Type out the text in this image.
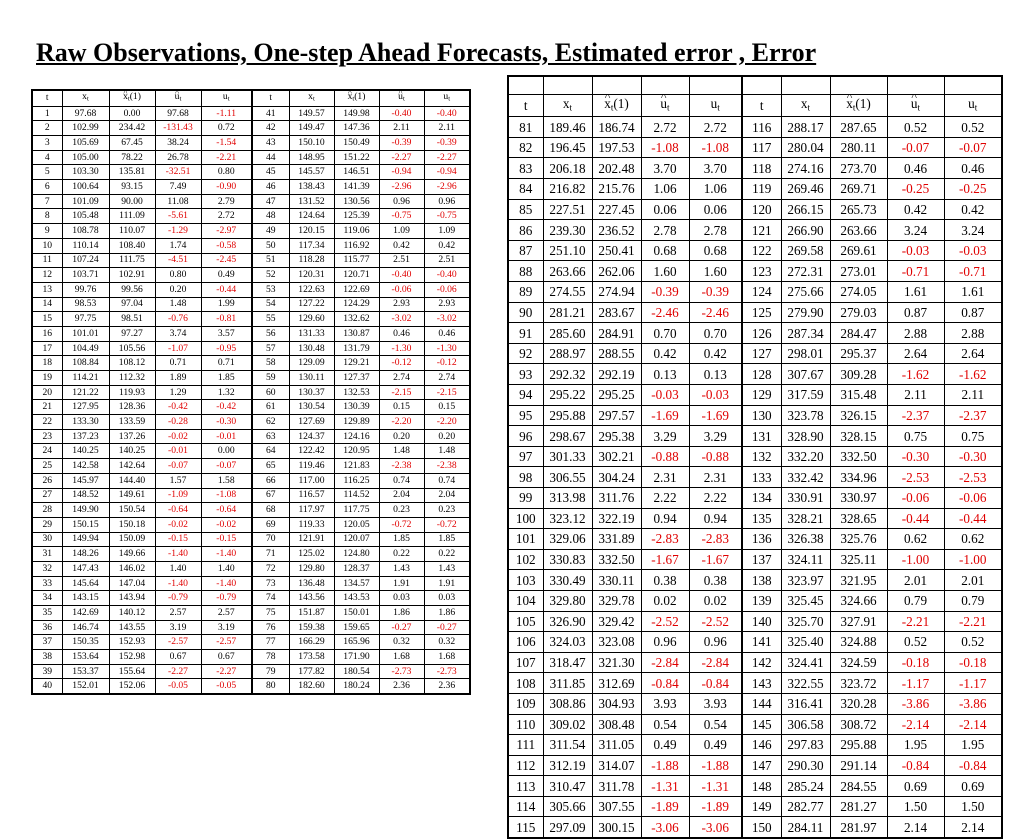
Raw Observations, One-step Ahead Forecasts, Estimated error , Error
t	$x_t$	^ $x_t(1)$	^ $u_t$	$u_t$	t	$x_t$	^ $x_t(1)$	^ $u_t$	$u_t$
1	97.68	0.00	97.68	-1.11	41	149.57	149.98	-0.40	-0.40
2	102.99	234.42	-131.43	0.72	42	149.47	147.36	2.11	2.11
3	105.69	67.45	38.24	-1.54	43	150.10	150.49	-0.39	-0.39
4	105.00	78.22	26.78	-2.21	44	148.95	151.22	-2.27	-2.27
5	103.30	135.81	-32.51	0.80	45	145.57	146.51	-0.94	-0.94
6	100.64	93.15	7.49	-0.90	46	138.43	141.39	-2.96	-2.96
7	101.09	90.00	11.08	2.79	47	131.52	130.56	0.96	0.96
8	105.48	111.09	-5.61	2.72	48	124.64	125.39	-0.75	-0.75
9	108.78	110.07	-1.29	-2.97	49	120.15	119.06	1.09	1.09
10	110.14	108.40	1.74	-0.58	50	117.34	116.92	0.42	0.42
11	107.24	111.75	-4.51	-2.45	51	118.28	115.77	2.51	2.51
12	103.71	102.91	0.80	0.49	52	120.31	120.71	-0.40	-0.40
13	99.76	99.56	0.20	-0.44	53	122.63	122.69	-0.06	-0.06
14	98.53	97.04	1.48	1.99	54	127.22	124.29	2.93	2.93
15	97.75	98.51	-0.76	-0.81	55	129.60	132.62	-3.02	-3.02
16	101.01	97.27	3.74	3.57	56	131.33	130.87	0.46	0.46
17	104.49	105.56	-1.07	-0.95	57	130.48	131.79	-1.30	-1.30
18	108.84	108.12	0.71	0.71	58	129.09	129.21	-0.12	-0.12
19	114.21	112.32	1.89	1.85	59	130.11	127.37	2.74	2.74
20	121.22	119.93	1.29	1.32	60	130.37	132.53	-2.15	-2.15
21	127.95	128.36	-0.42	-0.42	61	130.54	130.39	0.15	0.15
22	133.30	133.59	-0.28	-0.30	62	127.69	129.89	-2.20	-2.20
23	137.23	137.26	-0.02	-0.01	63	124.37	124.16	0.20	0.20
24	140.25	140.25	-0.01	0.00	64	122.42	120.95	1.48	1.48
25	142.58	142.64	-0.07	-0.07	65	119.46	121.83	-2.38	-2.38
26	145.97	144.40	1.57	1.58	66	117.00	116.25	0.74	0.74
27	148.52	149.61	-1.09	-1.08	67	116.57	114.52	2.04	2.04
28	149.90	150.54	-0.64	-0.64	68	117.97	117.75	0.23	0.23
29	150.15	150.18	-0.02	-0.02	69	119.33	120.05	-0.72	-0.72
30	149.94	150.09	-0.15	-0.15	70	121.91	120.07	1.85	1.85
31	148.26	149.66	-1.40	-1.40	71	125.02	124.80	0.22	0.22
32	147.43	146.02	1.40	1.40	72	129.80	128.37	1.43	1.43
33	145.64	147.04	-1.40	-1.40	73	136.48	134.57	1.91	1.91
34	143.15	143.94	-0.79	-0.79	74	143.56	143.53	0.03	0.03
35	142.69	140.12	2.57	2.57	75	151.87	150.01	1.86	1.86
36	146.74	143.55	3.19	3.19	76	159.38	159.65	-0.27	-0.27
37	150.35	152.93	-2.57	-2.57	77	166.29	165.96	0.32	0.32
38	153.64	152.98	0.67	0.67	78	173.58	171.90	1.68	1.68
39	153.37	155.64	-2.27	-2.27	79	177.82	180.54	-2.73	-2.73
40	152.01	152.06	-0.05	-0.05	80	182.60	180.24	2.36	2.36

t	$x_t$	^ $x_t(1)$	^ $u_t$	$u_t$	t	$x_t$	^ $x_t(1)$	^ $u_t$	$u_t$
81	189.46	186.74	2.72	2.72	116	288.17	287.65	0.52	0.52
82	196.45	197.53	-1.08	-1.08	117	280.04	280.11	-0.07	-0.07
83	206.18	202.48	3.70	3.70	118	274.16	273.70	0.46	0.46
84	216.82	215.76	1.06	1.06	119	269.46	269.71	-0.25	-0.25
85	227.51	227.45	0.06	0.06	120	266.15	265.73	0.42	0.42
86	239.30	236.52	2.78	2.78	121	266.90	263.66	3.24	3.24
87	251.10	250.41	0.68	0.68	122	269.58	269.61	-0.03	-0.03
88	263.66	262.06	1.60	1.60	123	272.31	273.01	-0.71	-0.71
89	274.55	274.94	-0.39	-0.39	124	275.66	274.05	1.61	1.61
90	281.21	283.67	-2.46	-2.46	125	279.90	279.03	0.87	0.87
91	285.60	284.91	0.70	0.70	126	287.34	284.47	2.88	2.88
92	288.97	288.55	0.42	0.42	127	298.01	295.37	2.64	2.64
93	292.32	292.19	0.13	0.13	128	307.67	309.28	-1.62	-1.62
94	295.22	295.25	-0.03	-0.03	129	317.59	315.48	2.11	2.11
95	295.88	297.57	-1.69	-1.69	130	323.78	326.15	-2.37	-2.37
96	298.67	295.38	3.29	3.29	131	328.90	328.15	0.75	0.75
97	301.33	302.21	-0.88	-0.88	132	332.20	332.50	-0.30	-0.30
98	306.55	304.24	2.31	2.31	133	332.42	334.96	-2.53	-2.53
99	313.98	311.76	2.22	2.22	134	330.91	330.97	-0.06	-0.06
100	323.12	322.19	0.94	0.94	135	328.21	328.65	-0.44	-0.44
101	329.06	331.89	-2.83	-2.83	136	326.38	325.76	0.62	0.62
102	330.83	332.50	-1.67	-1.67	137	324.11	325.11	-1.00	-1.00
103	330.49	330.11	0.38	0.38	138	323.97	321.95	2.01	2.01
104	329.80	329.78	0.02	0.02	139	325.45	324.66	0.79	0.79
105	326.90	329.42	-2.52	-2.52	140	325.70	327.91	-2.21	-2.21
106	324.03	323.08	0.96	0.96	141	325.40	324.88	0.52	0.52
107	318.47	321.30	-2.84	-2.84	142	324.41	324.59	-0.18	-0.18
108	311.85	312.69	-0.84	-0.84	143	322.55	323.72	-1.17	-1.17
109	308.86	304.93	3.93	3.93	144	316.41	320.28	-3.86	-3.86
110	309.02	308.48	0.54	0.54	145	306.58	308.72	-2.14	-2.14
111	311.54	311.05	0.49	0.49	146	297.83	295.88	1.95	1.95
112	312.19	314.07	-1.88	-1.88	147	290.30	291.14	-0.84	-0.84
113	310.47	311.78	-1.31	-1.31	148	285.24	284.55	0.69	0.69
114	305.66	307.55	-1.89	-1.89	149	282.77	281.27	1.50	1.50
115	297.09	300.15	-3.06	-3.06	150	284.11	281.97	2.14	2.14
